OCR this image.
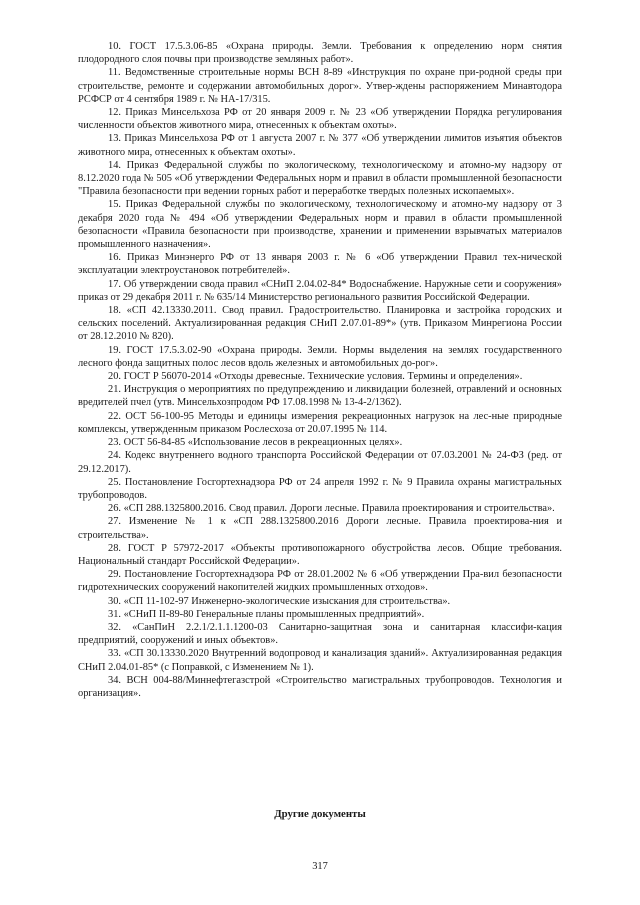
10. ГОСТ 17.5.3.06-85 «Охрана природы. Земли. Требования к определению норм снятия плодородного слоя почвы при производстве земляных работ».

11. Ведомственные строительные нормы ВСН 8-89 «Инструкция по охране при-родной среды при строительстве, ремонте и содержании автомобильных дорог». Утвер-ждены распоряжением Минавтодора РСФСР от 4 сентября 1989 г. № НА-17/315.

12. Приказ Минсельхоза РФ от 20 января 2009 г. № 23 «Об утверждении Порядка регулирования численности объектов животного мира, отнесенных к объектам охоты».

13. Приказ Минсельхоза РФ от 1 августа 2007 г. № 377 «Об утверждении лимитов изъятия объектов животного мира, отнесенных к объектам охоты».

14. Приказ Федеральной службы по экологическому, технологическому и атомно-му надзору от 8.12.2020 года № 505 «Об утверждении Федеральных норм и правил в области промышленной безопасности "Правила безопасности при ведении горных работ и переработке твердых полезных ископаемых».

15. Приказ Федеральной службы по экологическому, технологическому и атомно-му надзору от 3 декабря 2020 года № 494 «Об утверждении Федеральных норм и правил в области промышленной безопасности «Правила безопасности при производстве, хранении и применении взрывчатых материалов промышленного назначения».

16. Приказ Минэнерго РФ от 13 января 2003 г. № 6 «Об утверждении Правил тех-нической эксплуатации электроустановок потребителей».

17. Об утверждении свода правил «СНиП 2.04.02-84* Водоснабжение. Наружные сети и сооружения» приказ от 29 декабря 2011 г. № 635/14 Министерство регионального развития Российской Федерации.

18. «СП 42.13330.2011. Свод правил. Градостроительство. Планировка и застройка городских и сельских поселений. Актуализированная редакция СНиП 2.07.01-89*» (утв. Приказом Минрегиона России от 28.12.2010 № 820).

19. ГОСТ 17.5.3.02-90 «Охрана природы. Земли. Нормы выделения на землях государственного лесного фонда защитных полос лесов вдоль железных и автомобильных до-рог».

20. ГОСТ Р 56070-2014 «Отходы древесные. Технические условия. Термины и определения».

21. Инструкция о мероприятиях по предупреждению и ликвидации болезней, отравлений и основных вредителей пчел (утв. Минсельхозпродом РФ 17.08.1998 № 13-4-2/1362).

22. ОСТ 56-100-95 Методы и единицы измерения рекреационных нагрузок на лес-ные природные комплексы, утвержденным приказом Рослесхоза от 20.07.1995 № 114.

23. ОСТ 56-84-85 «Использование лесов в рекреационных целях».

24. Кодекс внутреннего водного транспорта Российской Федерации от 07.03.2001 № 24-ФЗ (ред. от 29.12.2017).

25. Постановление Госгортехнадзора РФ от 24 апреля 1992 г. № 9 Правила охраны магистральных трубопроводов.

26. «СП 288.1325800.2016. Свод правил. Дороги лесные. Правила проектирования и строительства».

27. Изменение № 1 к «СП 288.1325800.2016 Дороги лесные. Правила проектирова-ния и строительства».

28. ГОСТ Р 57972-2017 «Объекты противопожарного обустройства лесов. Общие требования. Национальный стандарт Российской Федерации».

29. Постановление Госгортехнадзора РФ от 28.01.2002 № 6 «Об утверждении Пра-вил безопасности гидротехнических сооружений накопителей жидких промышленных отходов».

30. «СП 11-102-97 Инженерно-экологические изыскания для строительства».

31. «СНиП II-89-80 Генеральные планы промышленных предприятий».

32. «СанПиН 2.2.1/2.1.1.1200-03 Санитарно-защитная зона и санитарная классифи-кация предприятий, сооружений и иных объектов».

33. «СП 30.13330.2020 Внутренний водопровод и канализация зданий». Актуализированная редакция СНиП 2.04.01-85* (с Поправкой, с Изменением № 1).

34. ВСН 004-88/Миннефтегазстрой «Строительство магистральных трубопроводов. Технология и организация».

Другие документы
317
